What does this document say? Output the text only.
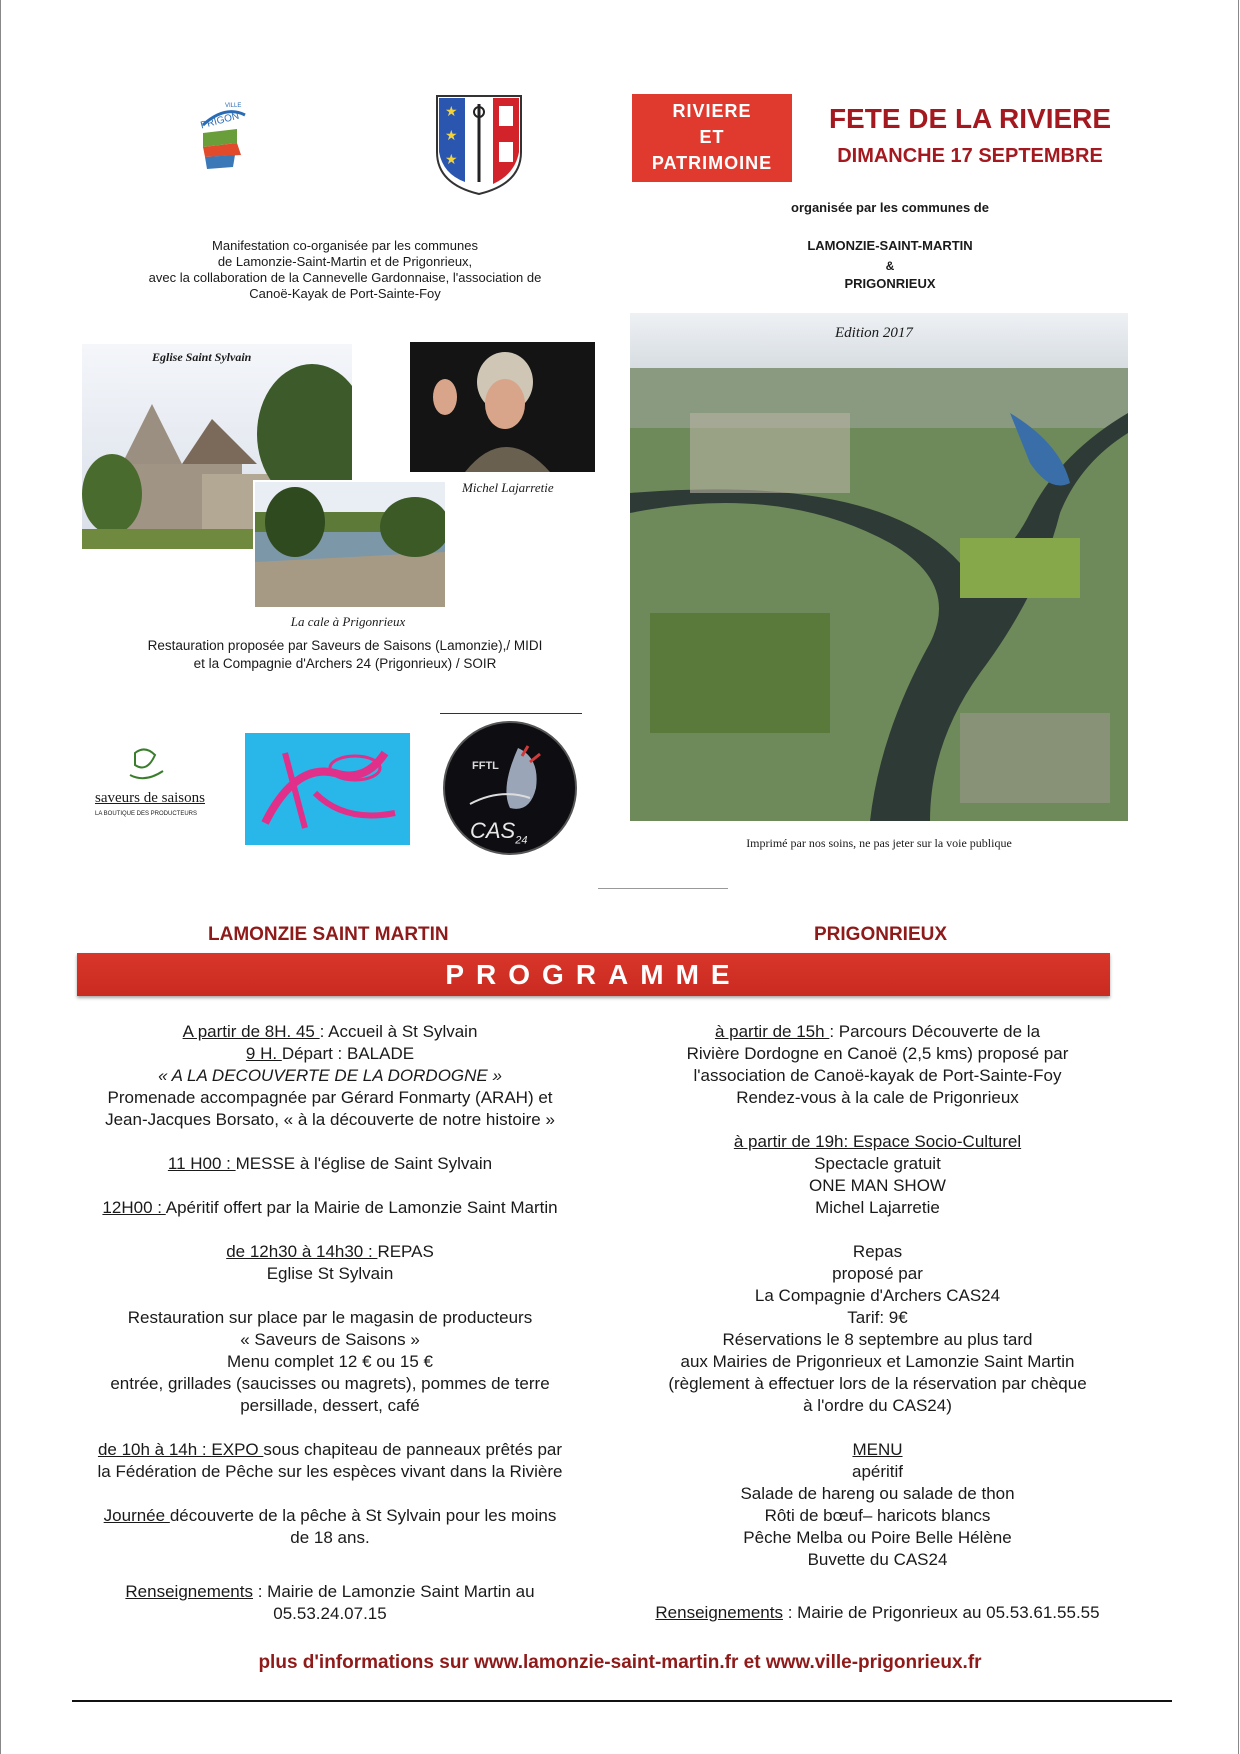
VILLE
PRIGON	★
★
★
RIVIERE
ET
PATRIMOINE
FETE DE LA RIVIERE
DIMANCHE 17 SEPTEMBRE
organisée par les communes de
LAMONZIE-SAINT-MARTIN
&
PRIGONRIEUX
Manifestation co-organisée par les communes
de Lamonzie-Saint-Martin et de Prigonrieux,
avec la collaboration de la Cannevelle Gardonnaise, l'association de
Canoë-Kayak de Port-Sainte-Foy
Eglise Saint Sylvain
La cale à Prigonrieux
Michel Lajarretie
Edition 2017
Imprimé par nos soins, ne pas jeter sur la voie publique
Restauration proposée par Saveurs de Saisons (Lamonzie),/ MIDI
et la Compagnie d'Archers 24 (Prigonrieux) / SOIR
saveurs de saisons
LA BOUTIQUE DES PRODUCTEURS
FFTL
$CAS_{24}$
LAMONZIE SAINT MARTIN	PRIGONRIEUX
PROGRAMME

A partir de 8H. 45 : Accueil à St Sylvain

9 H. Départ : BALADE

« A LA DECOUVERTE DE LA DORDOGNE »

Promenade accompagnée par Gérard Fonmarty (ARAH) et

Jean-Jacques Borsato, « à la découverte de notre histoire »

11 H00 : MESSE à l'église de Saint Sylvain

12H00 : Apéritif offert par la Mairie de Lamonzie Saint Martin

de 12h30 à 14h30 : REPAS

Eglise St Sylvain

Restauration sur place par le magasin de producteurs

« Saveurs de Saisons »

Menu complet 12 € ou 15 €

entrée, grillades (saucisses ou magrets), pommes de terre

persillade, dessert, café

de 10h à 14h : EXPO sous chapiteau de panneaux prêtés par

la Fédération de Pêche sur les espèces vivant dans la Rivière

Journée découverte de la pêche à St Sylvain pour les moins

de 18 ans.

Renseignements : Mairie de Lamonzie Saint Martin au

05.53.24.07.15

à partir de 15h : Parcours Découverte de la

Rivière Dordogne en Canoë (2,5 kms) proposé par

l'association de Canoë-kayak de Port-Sainte-Foy

Rendez-vous à la cale de Prigonrieux

à partir de 19h: Espace Socio-Culturel

Spectacle gratuit

ONE MAN SHOW

Michel Lajarretie

Repas

proposé par

La Compagnie d'Archers CAS24

Tarif: 9€

Réservations le 8 septembre au plus tard

aux Mairies de Prigonrieux et Lamonzie Saint Martin

(règlement à effectuer lors de la réservation par chèque

à l'ordre du CAS24)

MENU

apéritif

Salade de hareng ou salade de thon

Rôti de bœuf– haricots blancs

Pêche Melba ou Poire Belle Hélène

Buvette du CAS24

Renseignements : Mairie de Prigonrieux au 05.53.61.55.55

plus d'informations sur www.lamonzie-saint-martin.fr et www.ville-prigonrieux.fr
